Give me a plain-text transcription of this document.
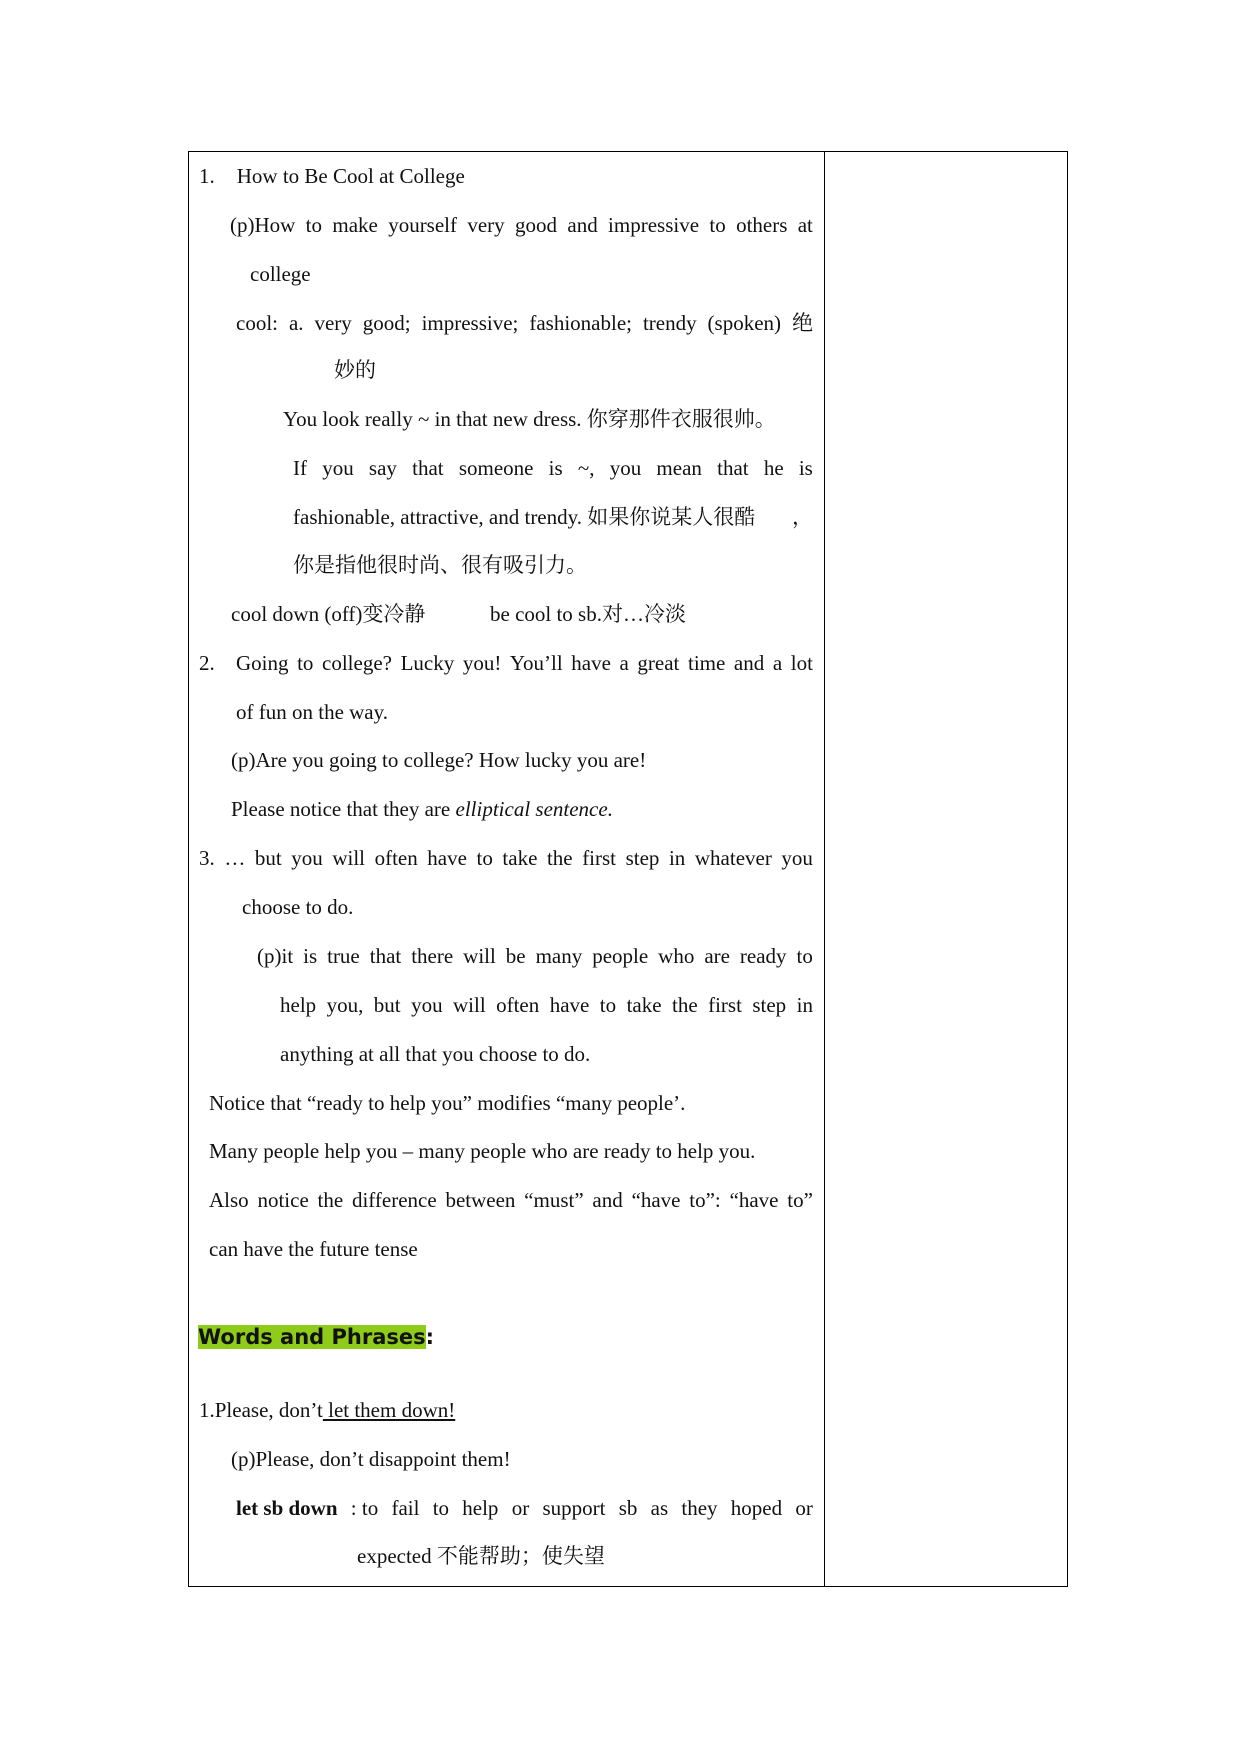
1. How to Be Cool at College
(p)How to make yourself very good and impressive to others at
college
cool: a. very good; impressive; fashionable; trendy (spoken) 绝
妙的
You look really ~ in that new dress. 你穿那件衣服很帅。
If you say that someone is ~, you mean that he is
fashionable, attractive, and trendy. 如果你说某人很酷 ，
你是指他很时尚、很有吸引力。
cool down (off)变冷静	be cool to sb.对…冷淡
2. Going to college? Lucky you! You’ll have a great time and a lot
of fun on the way.
(p)Are you going to college? How lucky you are!
Please notice that they are elliptical sentence.
3. … but you will often have to take the first step in whatever you
choose to do.
(p)it is true that there will be many people who are ready to
help you, but you will often have to take the first step in
anything at all that you choose to do.
Notice that “ready to help you” modifies “many people’.
Many people help you – many people who are ready to help you.
Also notice the difference between “must” and “have to”: “have to”
can have the future tense
Words and Phrases:
1.Please, don’t let them down!
(p)Please, don’t disappoint them!
let sb down : to fail to help or support sb as they hoped or
expected 不能帮助；使失望
